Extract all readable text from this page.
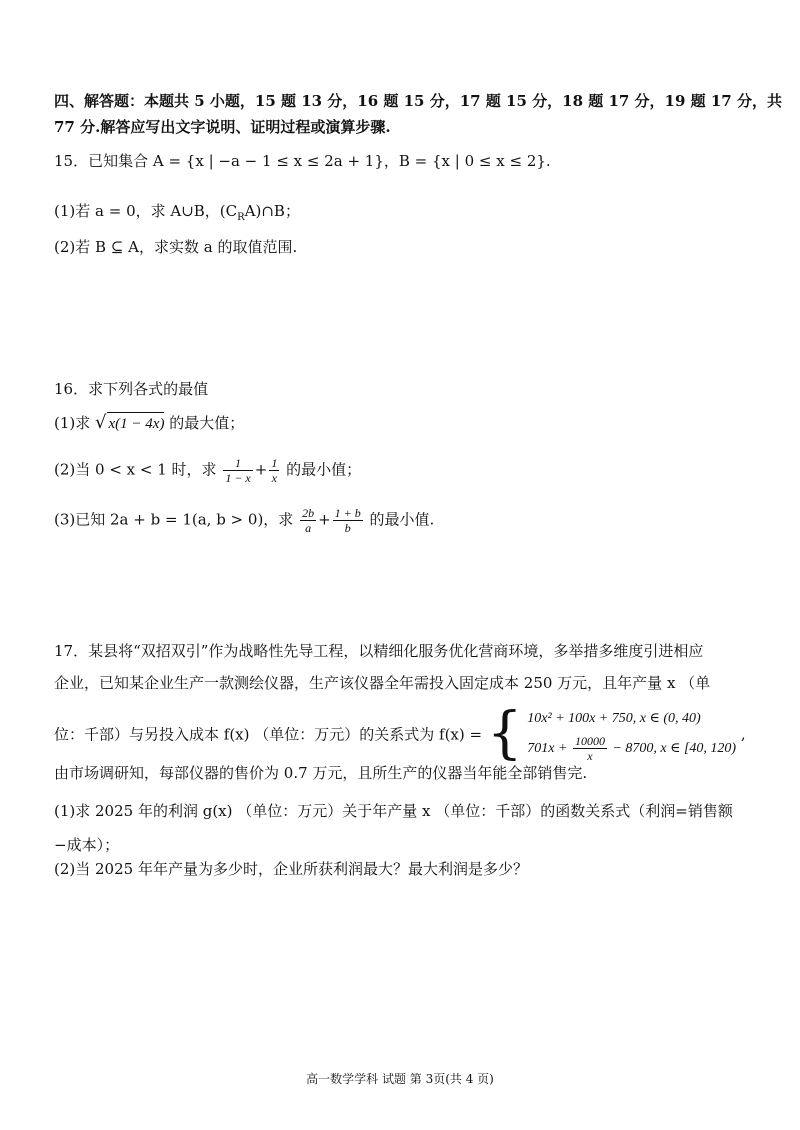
四、解答题：本题共 5 小题，15 题 13 分，16 题 15 分，17 题 15 分，18 题 17 分，19 题 17 分，共
77 分.解答应写出文字说明、证明过程或演算步骤.
15．已知集合 A = {x | −a − 1 ≤ x ≤ 2a + 1}，B = {x | 0 ≤ x ≤ 2}.
(1)若 a = 0，求 A∪B，$(C_RA)\cap B$；
(2)若 B ⊆ A，求实数 a 的取值范围.
16．求下列各式的最值
(1)求 √ x(1 − 4x) 的最大值；
(2)当 0 < x < 1 时，求 $\frac{1}{1 - x} + \frac{1}{x}$ 的最小值；
(3)已知 2a + b = 1(a, b > 0)，求 $\frac{2b}{a} + \frac{1 + b}{b}$ 的最小值.
17．某县将“双招双引”作为战略性先导工程，以精细化服务优化营商环境，多举措多维度引进相应
企业，已知某企业生产一款测绘仪器，生产该仪器全年需投入固定成本 250 万元，且年产量 x （单
位：千部）与另投入成本 f(x) （单位：万元）的关系式为 f(x) = { 10x² + 100x + 750, x ∈ (0, 40)
$701x + \frac{10000}{x} - 8700$, x ∈ [40, 120)
,
由市场调研知，每部仪器的售价为 0.7 万元，且所生产的仪器当年能全部销售完.
(1)求 2025 年的利润 g(x) （单位：万元）关于年产量 x （单位：千部）的函数关系式（利润=销售额
−成本）；
(2)当 2025 年年产量为多少时，企业所获利润最大？最大利润是多少？
高一数学学科 试题 第 3页(共 4 页)
